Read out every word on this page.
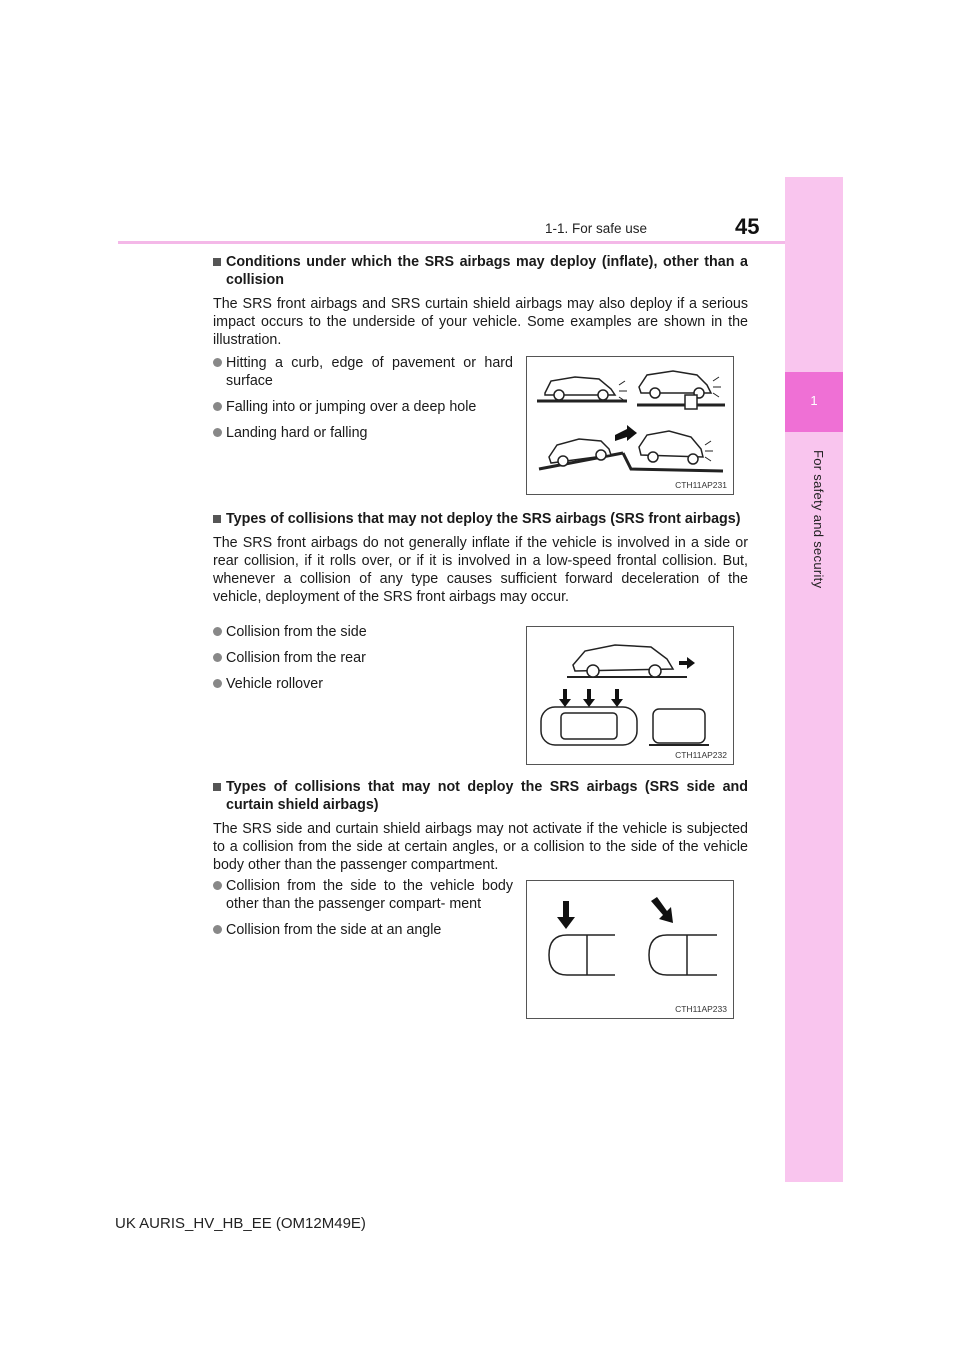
1-1. For safe use	45
1
For safety and security
Conditions under which the SRS airbags may deploy (inflate), other than a collision
The SRS front airbags and SRS curtain shield airbags may also deploy if a serious impact occurs to the underside of your vehicle. Some examples are shown in the illustration.
Hitting a curb, edge of pavement or hard surface
Falling into or jumping over a deep hole
Landing hard or falling
Types of collisions that may not deploy the SRS airbags (SRS front airbags)
The SRS front airbags do not generally inflate if the vehicle is involved in a side or rear collision, if it rolls over, or if it is involved in a low-speed frontal collision. But, whenever a collision of any type causes sufficient forward deceleration of the vehicle, deployment of the SRS front airbags may occur.
Collision from the side
Collision from the rear
Vehicle rollover
Types of collisions that may not deploy the SRS airbags (SRS side and curtain shield airbags)
The SRS side and curtain shield airbags may not activate if the vehicle is subjected to a collision from the side at certain angles, or a collision to the side of the vehicle body other than the passenger compartment.
Collision from the side to the vehicle body other than the passenger compart- ment
Collision from the side at an angle
CTH11AP231
CTH11AP232
CTH11AP233
UK AURIS_HV_HB_EE (OM12M49E)
